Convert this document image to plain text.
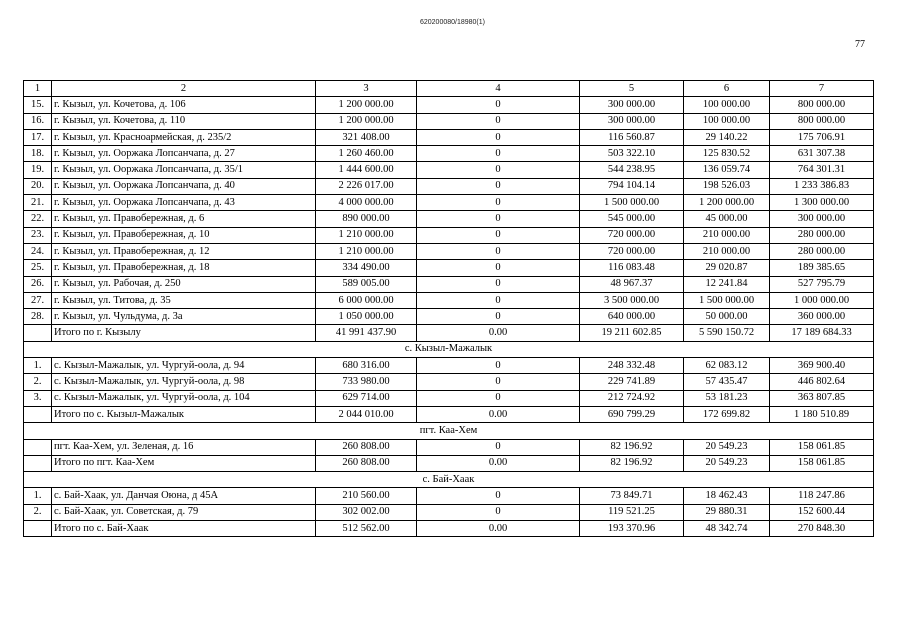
620200080/18980(1)
77
1	2	3	4	5	6	7
15.	г. Кызыл, ул. Кочетова, д. 106	1 200 000.00	0	300 000.00	100 000.00	800 000.00
16.	г. Кызыл, ул. Кочетова, д. 110	1 200 000.00	0	300 000.00	100 000.00	800 000.00
17.	г. Кызыл, ул. Красноармейская, д. 235/2	321 408.00	0	116 560.87	29 140.22	175 706.91
18.	г. Кызыл, ул. Ооржака Лопсанчапа, д. 27	1 260 460.00	0	503 322.10	125 830.52	631 307.38
19.	г. Кызыл, ул. Ооржака Лопсанчапа, д. 35/1	1 444 600.00	0	544 238.95	136 059.74	764 301.31
20.	г. Кызыл, ул. Ооржака Лопсанчапа, д. 40	2 226 017.00	0	794 104.14	198 526.03	1 233 386.83
21.	г. Кызыл, ул. Ооржака Лопсанчапа, д. 43	4 000 000.00	0	1 500 000.00	1 200 000.00	1 300 000.00
22.	г. Кызыл, ул. Правобережная, д. 6	890 000.00	0	545 000.00	45 000.00	300 000.00
23.	г. Кызыл, ул. Правобережная, д. 10	1 210 000.00	0	720 000.00	210 000.00	280 000.00
24.	г. Кызыл, ул. Правобережная, д. 12	1 210 000.00	0	720 000.00	210 000.00	280 000.00
25.	г. Кызыл, ул. Правобережная, д. 18	334 490.00	0	116 083.48	29 020.87	189 385.65
26.	г. Кызыл, ул. Рабочая, д. 250	589 005.00	0	48 967.37	12 241.84	527 795.79
27.	г. Кызыл, ул. Титова, д. 35	6 000 000.00	0	3 500 000.00	1 500 000.00	1 000 000.00
28.	г. Кызыл, ул. Чульдума, д. 3а	1 050 000.00	0	640 000.00	50 000.00	360 000.00
	Итого по г. Кызылу	41 991 437.90	0.00	19 211 602.85	5 590 150.72	17 189 684.33
с. Кызыл-Мажалык						
1.	с. Кызыл-Мажалык, ул. Чургуй-оола, д. 94	680 316.00	0	248 332.48	62 083.12	369 900.40
2.	с. Кызыл-Мажалык, ул. Чургуй-оола, д. 98	733 980.00	0	229 741.89	57 435.47	446 802.64
3.	с. Кызыл-Мажалык, ул. Чургуй-оола, д. 104	629 714.00	0	212 724.92	53 181.23	363 807.85
	Итого по с. Кызыл-Мажалык	2 044 010.00	0.00	690 799.29	172 699.82	1 180 510.89
пгт. Каа-Хем						
	пгт. Каа-Хем, ул. Зеленая, д. 16	260 808.00	0	82 196.92	20 549.23	158 061.85
	Итого по пгт. Каа-Хем	260 808.00	0.00	82 196.92	20 549.23	158 061.85
с. Бай-Хаак						
1.	с. Бай-Хаак, ул. Данчая Оюна, д 45А	210 560.00	0	73 849.71	18 462.43	118 247.86
2.	с. Бай-Хаак, ул. Советская, д. 79	302 002.00	0	119 521.25	29 880.31	152 600.44
	Итого по с. Бай-Хаак	512 562.00	0.00	193 370.96	48 342.74	270 848.30
